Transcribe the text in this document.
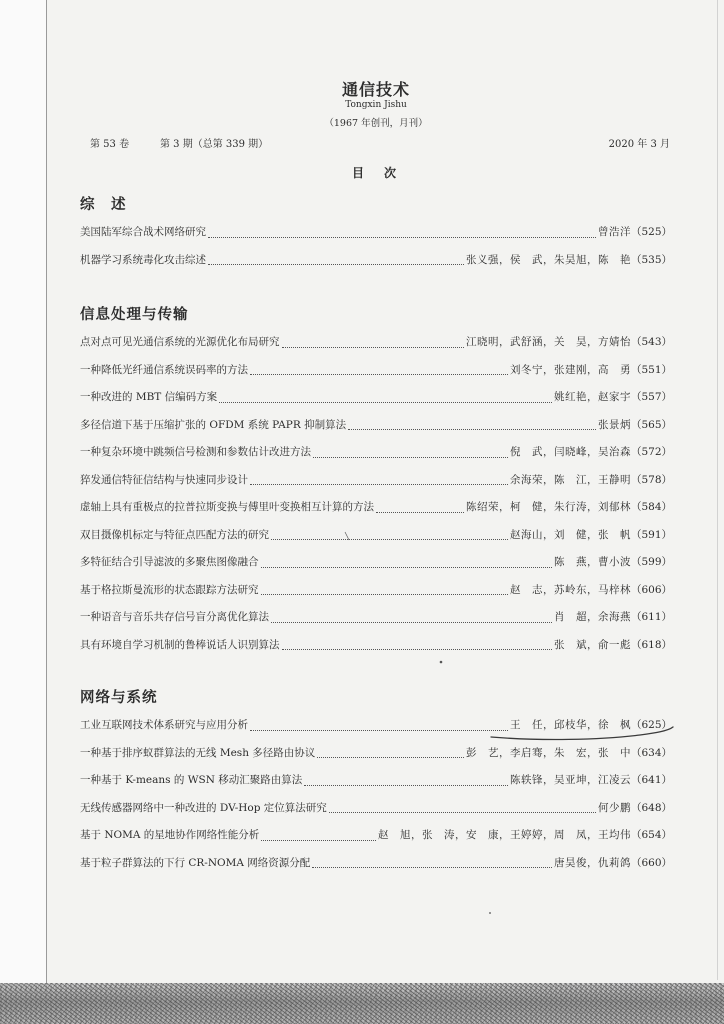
通信技术
Tongxin Jishu
（1967 年创刊，月刊）
第 53 卷	第 3 期（总第 339 期）	2020 年 3 月
目　次
综　述
美国陆军综合战术网络研究	曾浩洋 （525）
机器学习系统毒化攻击综述	张义强，侯　武，朱昊旭，陈　艳 （535）
信息处理与传输
点对点可见光通信系统的光源优化布局研究	江晓明，武舒涵，关　昊，方婧怡 （543）
一种降低光纤通信系统误码率的方法	刘冬宁，张建刚，高　勇 （551）
一种改进的 MBT 信编码方案	姚红艳，赵家宇 （557）
多径信道下基于压缩扩张的 OFDM 系统 PAPR 抑制算法	张景炳 （565）
一种复杂环境中跳频信号检测和参数估计改进方法	倪　武，闫晓峰，吴治森 （572）
猝发通信特征信结构与快速同步设计	余海荣，陈　江，王静明 （578）
虚轴上具有重极点的拉普拉斯变换与傅里叶变换相互计算的方法	陈绍荣，柯　健，朱行涛，刘郁林 （584）
双目摄像机标定与特征点匹配方法的研究	赵海山，刘　健，张　帆 （591）
多特征结合引导滤波的多聚焦图像融合	陈　燕，曹小波 （599）
基于格拉斯曼流形的状态跟踪方法研究	赵　志，苏岭东，马梓林 （606）
一种语音与音乐共存信号盲分离优化算法	肖　超，余海燕 （611）
具有环境自学习机制的鲁棒说话人识别算法	张　斌，俞一彪 （618）
网络与系统
工业互联网技术体系研究与应用分析	王　任，邱枝华，徐　枫 （625）
一种基于排序蚁群算法的无线 Mesh 多径路由协议	彭　艺，李启骞，朱　宏，张　中 （634）
一种基于 K-means 的 WSN 移动汇聚路由算法	陈轶锋，吴亚坤，江凌云 （641）
无线传感器网络中一种改进的 DV-Hop 定位算法研究	何少鹏 （648）
基于 NOMA 的星地协作网络性能分析	赵　旭，张　涛，安　康，王婷婷，周　凤，王均伟 （654）
基于粒子群算法的下行 CR-NOMA 网络资源分配	唐昊俊，仇莉鸽 （660）
